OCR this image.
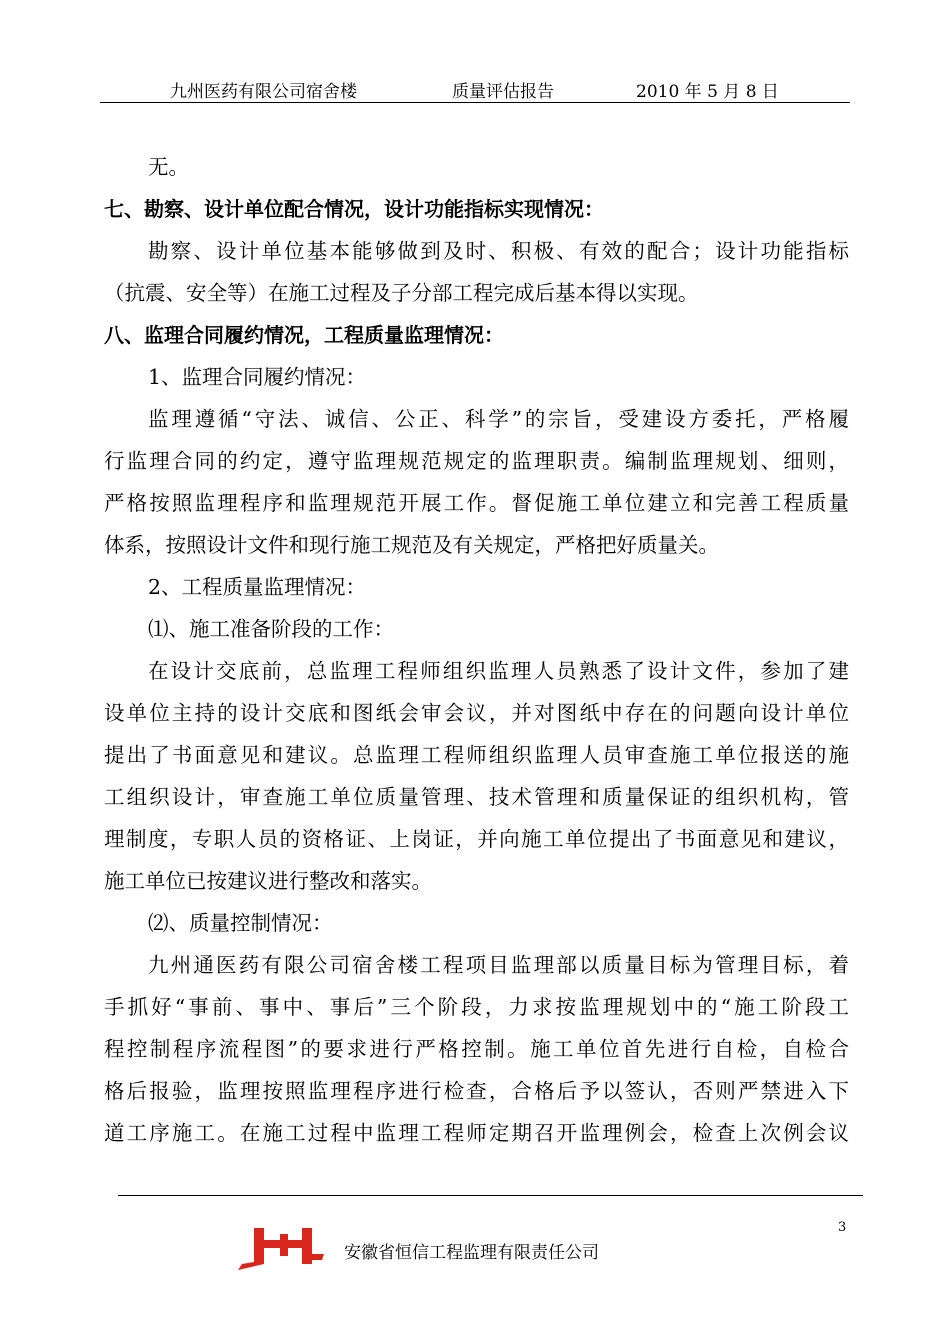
九州医药有限公司宿舍楼	质量评估报告	2010 年 5 月 8 日
无。
七、勘察、设计单位配合情况，设计功能指标实现情况：
勘察、设计单位基本能够做到及时、积极、有效的配合；设计功能指标
（抗震、安全等）在施工过程及子分部工程完成后基本得以实现。
八、监理合同履约情况，工程质量监理情况：
1、监理合同履约情况：
监理遵循“守法、诚信、公正、科学”的宗旨，受建设方委托，严格履
行监理合同的约定，遵守监理规范规定的监理职责。编制监理规划、细则，
严格按照监理程序和监理规范开展工作。督促施工单位建立和完善工程质量
体系，按照设计文件和现行施工规范及有关规定，严格把好质量关。
2、工程质量监理情况：
⑴、施工准备阶段的工作：
在设计交底前，总监理工程师组织监理人员熟悉了设计文件，参加了建
设单位主持的设计交底和图纸会审会议，并对图纸中存在的问题向设计单位
提出了书面意见和建议。总监理工程师组织监理人员审查施工单位报送的施
工组织设计，审查施工单位质量管理、技术管理和质量保证的组织机构，管
理制度，专职人员的资格证、上岗证，并向施工单位提出了书面意见和建议，
施工单位已按建议进行整改和落实。
⑵、质量控制情况：
九州通医药有限公司宿舍楼工程项目监理部以质量目标为管理目标，着
手抓好“事前、事中、事后”三个阶段，力求按监理规划中的“施工阶段工
程控制程序流程图”的要求进行严格控制。施工单位首先进行自检，自检合
格后报验，监理按照监理程序进行检查，合格后予以签认，否则严禁进入下
道工序施工。在施工过程中监理工程师定期召开监理例会，检查上次例会议
3
安徽省恒信工程监理有限责任公司
